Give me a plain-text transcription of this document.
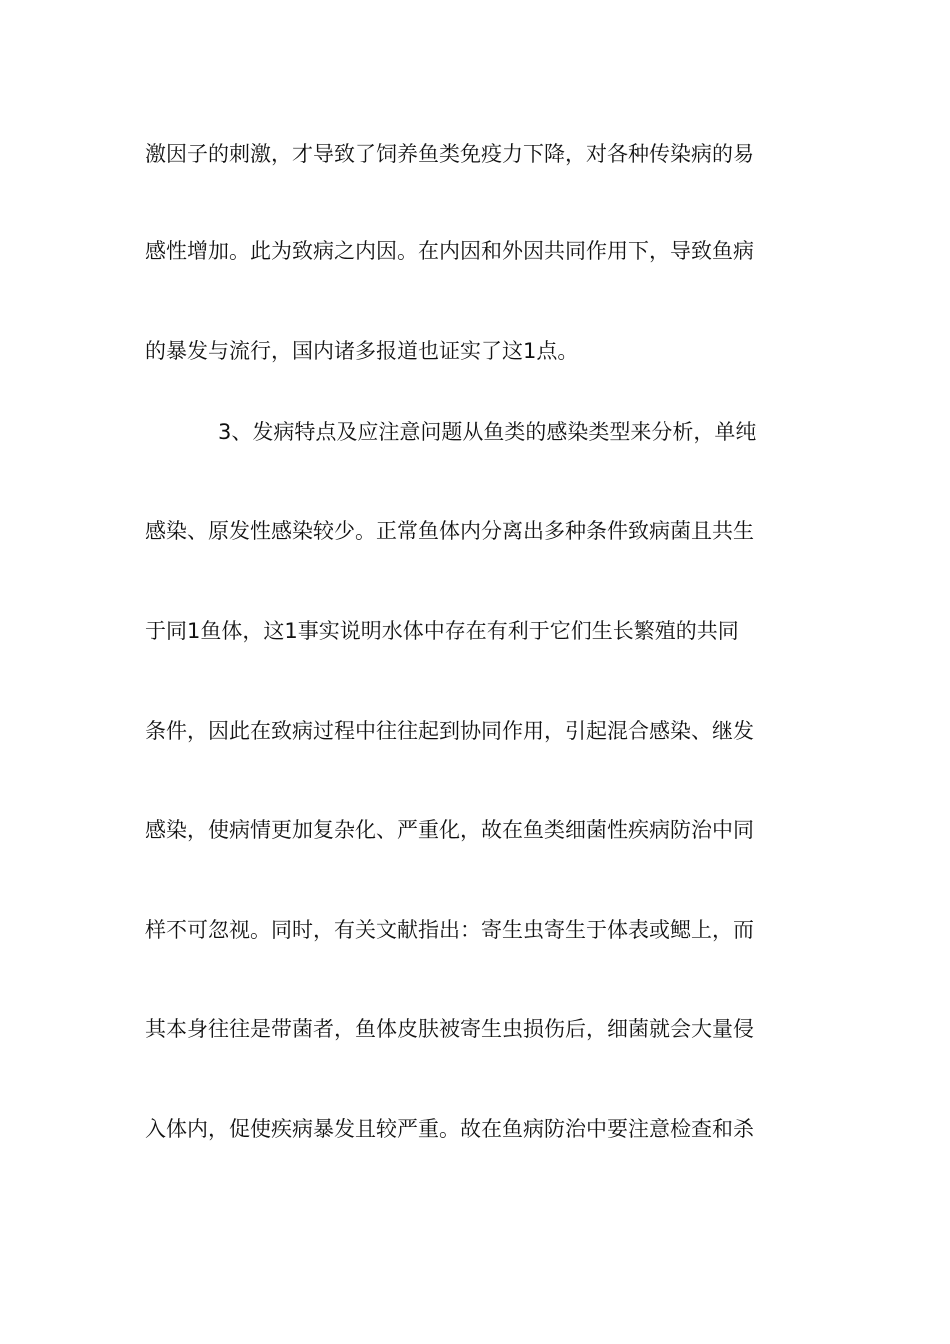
激因子的刺激，才导致了饲养鱼类免疫力下降，对各种传染病的易
感性增加。此为致病之内因。在内因和外因共同作用下，导致鱼病
的暴发与流行，国内诸多报道也证实了这1点。
3、发病特点及应注意问题从鱼类的感染类型来分析，单纯
感染、原发性感染较少。正常鱼体内分离出多种条件致病菌且共生
于同1鱼体，这1事实说明水体中存在有利于它们生长繁殖的共同
条件，因此在致病过程中往往起到协同作用，引起混合感染、继发
感染，使病情更加复杂化、严重化，故在鱼类细菌性疾病防治中同
样不可忽视。同时，有关文献指出：寄生虫寄生于体表或鳃上，而
其本身往往是带菌者，鱼体皮肤被寄生虫损伤后，细菌就会大量侵
入体内，促使疾病暴发且较严重。故在鱼病防治中要注意检查和杀
